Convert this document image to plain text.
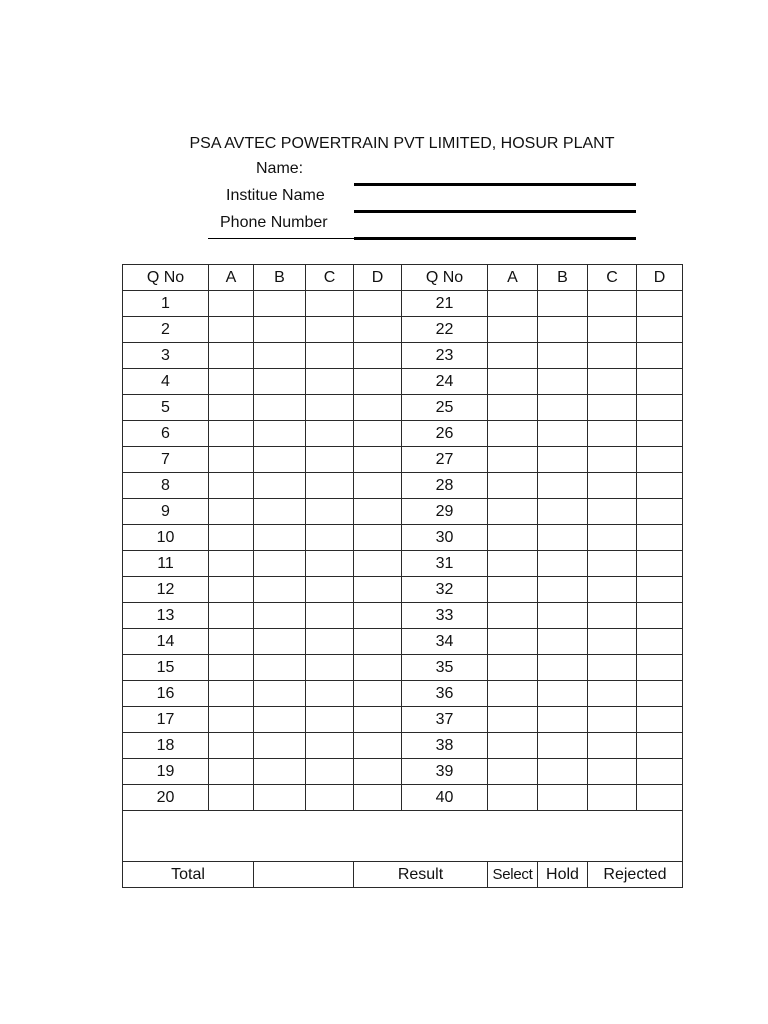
PSA AVTEC POWERTRAIN PVT LIMITED, HOSUR PLANT
Name:
Institue Name
Phone Number
Q No	A	B	C	D	Q No	A	B	C	D
1					21				
2					22				
3					23				
4					24				
5					25				
6					26				
7					27				
8					28				
9					29				
10					30				
11					31				
12					32				
13					33				
14					34				
15					35				
16					36				
17					37				
18					38				
19					39				
20					40				

Total				Result		Select	Hold	Rejected	
